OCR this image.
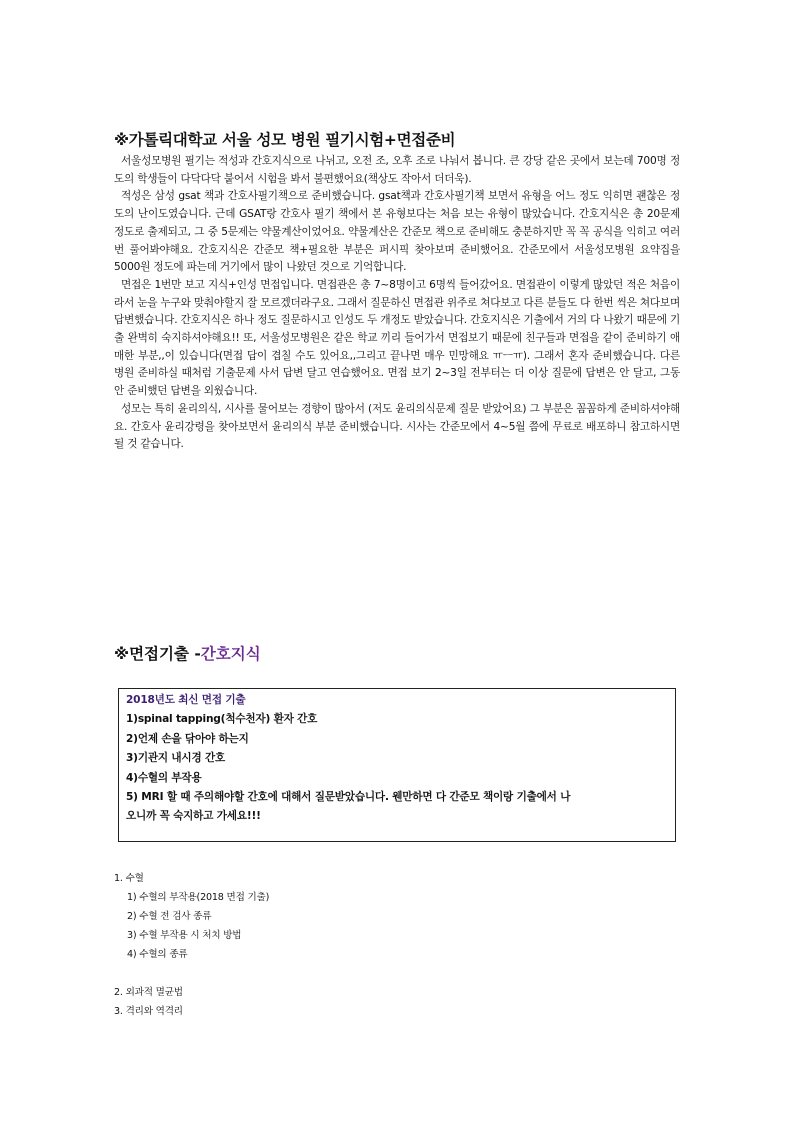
※가톨릭대학교 서울 성모 병원 필기시험+면접준비

서울성모병원 필기는 적성과 간호지식으로 나뉘고, 오전 조, 오후 조로 나눠서 봅니다. 큰 강당 같은 곳에서 보는데 700명 정도의 학생들이 다닥다닥 붙어서 시험을 봐서 불편했어요(책상도 작아서 더더욱).

적성은 삼성 gsat 책과 간호사필기책으로 준비했습니다. gsat책과 간호사필기책 보면서 유형을 어느 정도 익히면 괜찮은 정도의 난이도였습니다. 근데 GSAT랑 간호사 필기 책에서 본 유형보다는 처음 보는 유형이 많았습니다. 간호지식은 총 20문제 정도로 출제되고, 그 중 5문제는 약물계산이었어요. 약물계산은 간준모 책으로 준비해도 충분하지만 꼭 꼭 공식을 익히고 여러 번 풀어봐야해요. 간호지식은 간준모 책+필요한 부분은 퍼시픽 찾아보며 준비했어요. 간준모에서 서울성모병원 요약집을 5000원 정도에 파는데 거기에서 많이 나왔던 것으로 기억합니다.

면접은 1번만 보고 지식+인성 면접입니다. 면접관은 총 7~8명이고 6명씩 들어갔어요. 면접관이 이렇게 많았던 적은 처음이라서 눈을 누구와 맞춰야할지 잘 모르겠더라구요. 그래서 질문하신 면접관 위주로 쳐다보고 다른 분들도 다 한번 씩은 쳐다보며 답변했습니다. 간호지식은 하나 정도 질문하시고 인성도 두 개정도 받았습니다. 간호지식은 기출에서 거의 다 나왔기 때문에 기출 완벽히 숙지하셔야해요!! 또, 서울성모병원은 같은 학교 끼리 들어가서 면접보기 때문에 친구들과 면접을 같이 준비하기 애매한 부분,,이 있습니다(면접 답이 겹칠 수도 있어요,,그리고 끝나면 매우 민망해요 ㅠㅡㅠ). 그래서 혼자 준비했습니다. 다른 병원 준비하실 때처럼 기출문제 사서 답변 달고 연습했어요. 면접 보기 2~3일 전부터는 더 이상 질문에 답변은 안 달고, 그동안 준비했던 답변을 외웠습니다.

성모는 특히 윤리의식, 시사를 물어보는 경향이 많아서 (저도 윤리의식문제 질문 받았어요) 그 부분은 꼼꼼하게 준비하셔야해요. 간호사 윤리강령을 찾아보면서 윤리의식 부분 준비했습니다. 시사는 간준모에서 4~5월 쯤에 무료로 배포하니 참고하시면 될 것 같습니다.

※면접기출 -간호지식
2018년도 최신 면접 기출
1)spinal tapping(척수천자) 환자 간호
2)언제 손을 닦아야 하는지
3)기관지 내시경 간호
4)수혈의 부작용
5) MRI 할 때 주의해야할 간호에 대해서 질문받았습니다. 웬만하면 다 간준모 책이랑 기출에서 나
오니까 꼭 숙지하고 가세요!!!
1. 수혈
1) 수혈의 부작용(2018 면접 기출)
2) 수혈 전 검사 종류
3) 수혈 부작용 시 처치 방법
4) 수혈의 종류
2. 외과적 멸균법
3. 격리와 역격리
